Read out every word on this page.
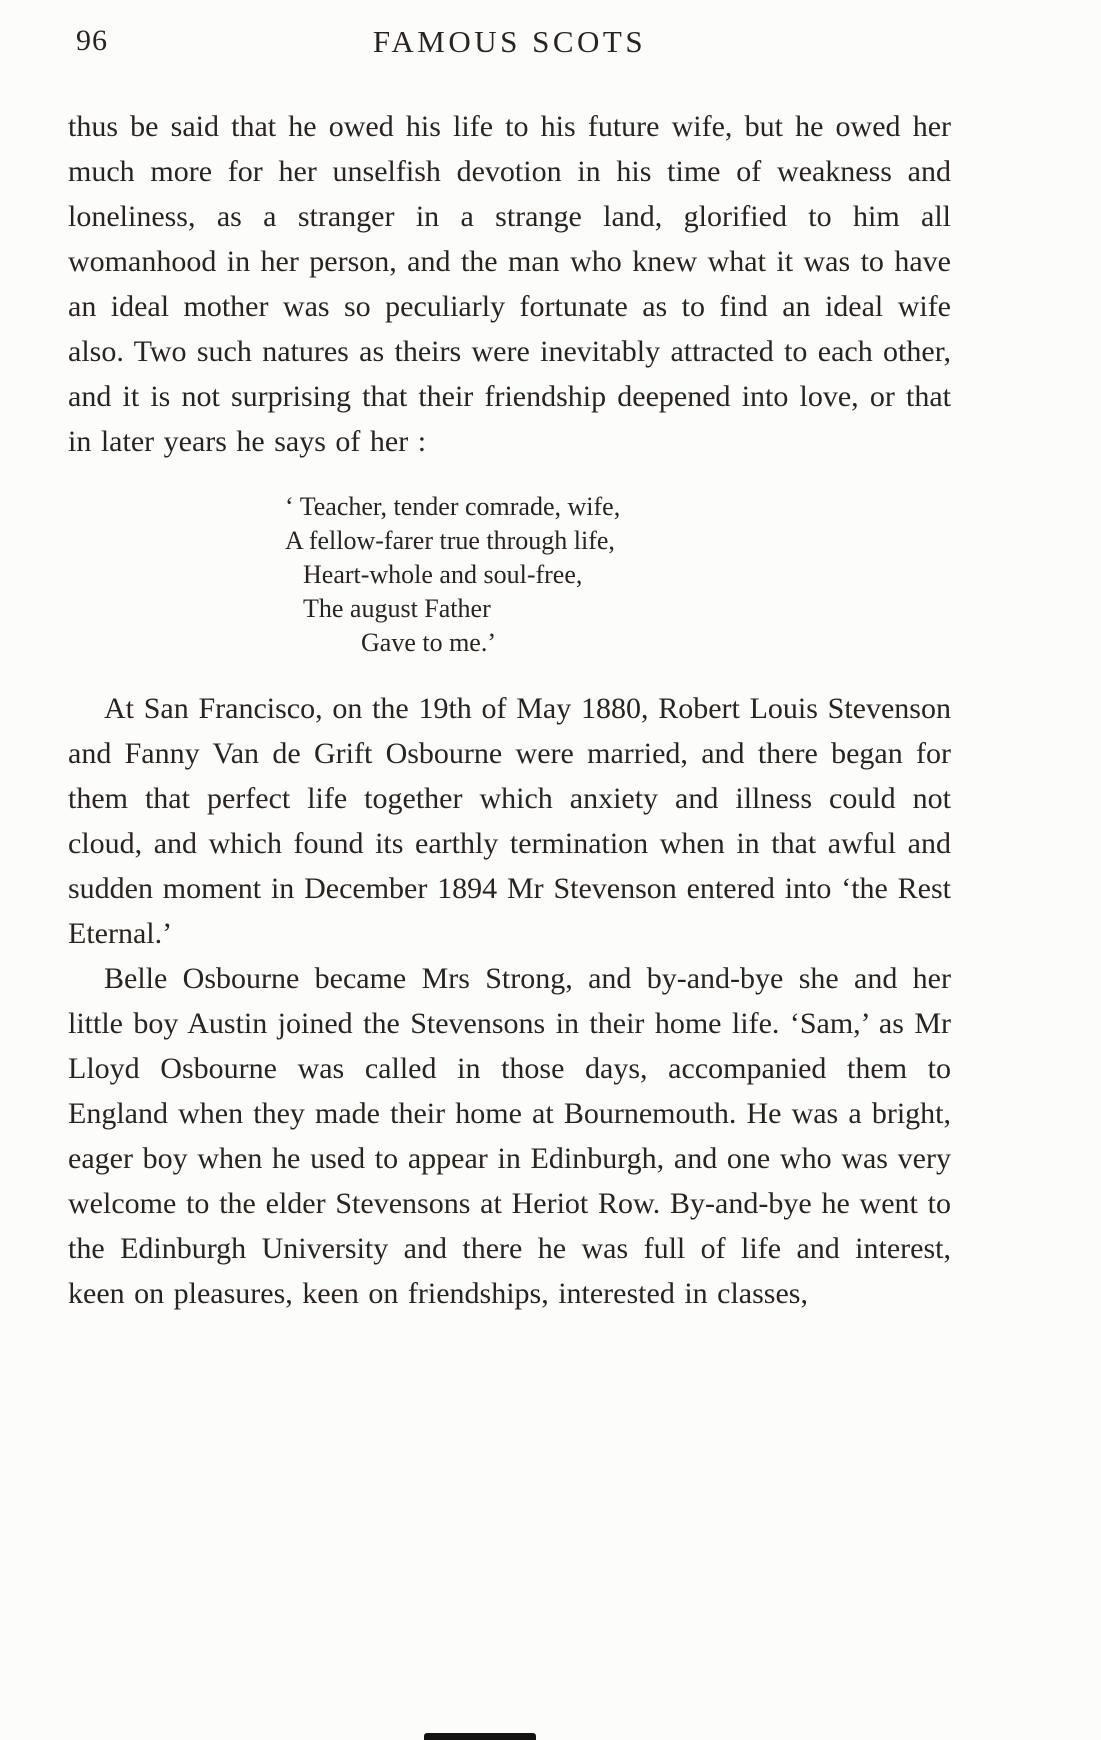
96	FAMOUS SCOTS

thus be said that he owed his life to his future wife, but he owed her much more for her unselfish devotion in his time of weakness and loneliness, as a stranger in a strange land, glorified to him all womanhood in her person, and the man who knew what it was to have an ideal mother was so peculiarly fortunate as to find an ideal wife also. Two such natures as theirs were inevitably attracted to each other, and it is not surprising that their friendship deepened into love, or that in later years he says of her :

‘ Teacher, tender comrade, wife,
A fellow-farer true through life,
Heart-whole and soul-free,
The august Father
Gave to me.’

At San Francisco, on the 19th of May 1880, Robert Louis Stevenson and Fanny Van de Grift Osbourne were married, and there began for them that perfect life together which anxiety and illness could not cloud, and which found its earthly termination when in that awful and sudden moment in December 1894 Mr Stevenson entered into ‘the Rest Eternal.’

Belle Osbourne became Mrs Strong, and by-and-bye she and her little boy Austin joined the Stevensons in their home life. ‘Sam,’ as Mr Lloyd Osbourne was called in those days, accompanied them to England when they made their home at Bournemouth. He was a bright, eager boy when he used to appear in Edinburgh, and one who was very welcome to the elder Stevensons at Heriot Row. By-and-bye he went to the Edinburgh University and there he was full of life and interest, keen on pleasures, keen on friendships, interested in classes,
